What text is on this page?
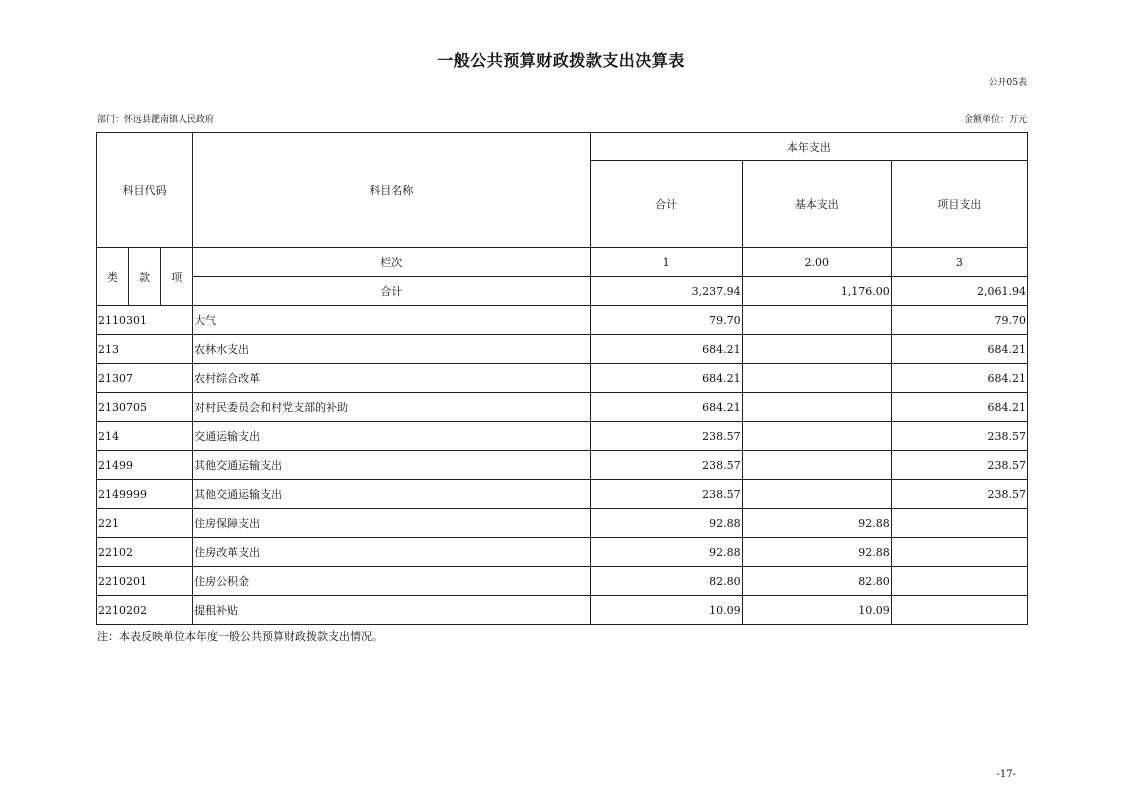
一般公共预算财政拨款支出决算表
公开05表
部门：怀远县淝南镇人民政府	金额单位：万元
科目代码			科目名称	本年支出		
				合计	基本支出	项目支出
类	款	项	栏次	1	2.00	3
			合计	3,237.94	1,176.00	2,061.94
2110301			大气	79.70		79.70
213			农林水支出	684.21		684.21
21307			农村综合改革	684.21		684.21
2130705			对村民委员会和村党支部的补助	684.21		684.21
214			交通运输支出	238.57		238.57
21499			其他交通运输支出	238.57		238.57
2149999			其他交通运输支出	238.57		238.57
221			住房保障支出	92.88	92.88	
22102			住房改革支出	92.88	92.88	
2210201			住房公积金	82.80	82.80	
2210202			提租补贴	10.09	10.09	
注：本表反映单位本年度一般公共预算财政拨款支出情况。
-17-
